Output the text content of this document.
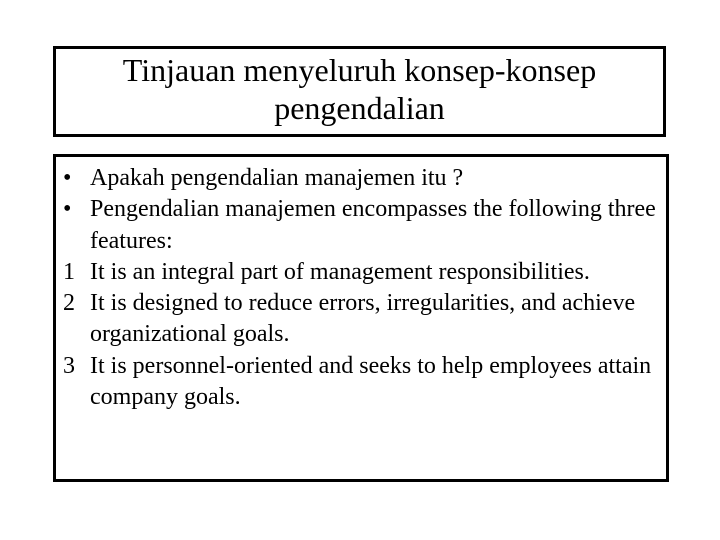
Tinjauan menyeluruh konsep-konsep pengendalian
• Apakah pengendalian manajemen itu ?
• Pengendalian manajemen encompasses the following three features:
1 It is an integral part of management responsibilities.
2 It is designed to reduce errors, irregularities, and achieve organizational goals.
3 It is personnel-oriented and seeks to help employees attain company goals.
